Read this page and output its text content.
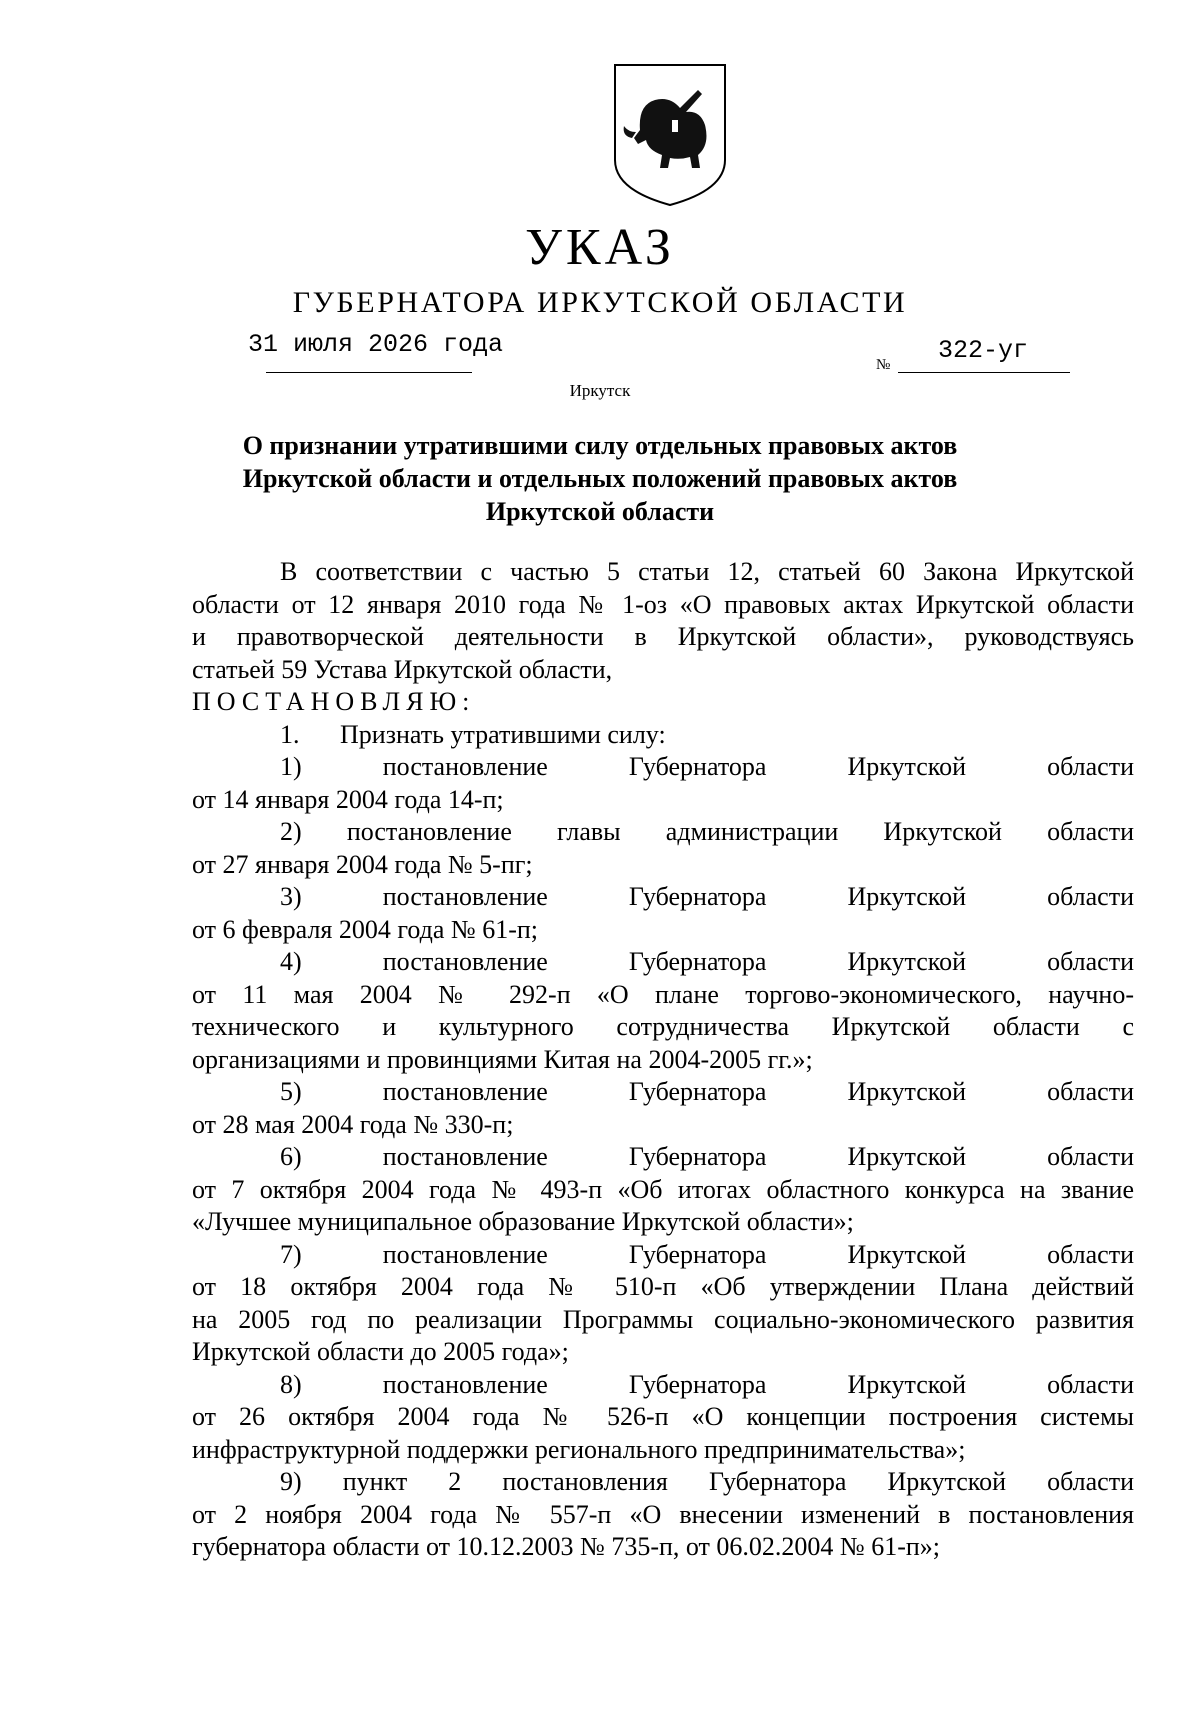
УКАЗ
ГУБЕРНАТОРА ИРКУТСКОЙ ОБЛАСТИ
31 июля 2026 года
№ 322-уг
Иркутск
О признании утратившими силу отдельных правовых актов
Иркутской области и отдельных положений правовых актов
Иркутской области

В соответствии с частью 5 статьи 12, статьей 60 Закона Иркутской

области от 12 января 2010 года № 1-оз «О правовых актах Иркутской области

и правотворческой деятельности в Иркутской области», руководствуясь

статьей 59 Устава Иркутской области,

ПОСТАНОВЛЯЮ:

1. Признать утратившими силу:

1) постановление Губернатора Иркутской области

от 14 января 2004 года 14-п;

2) постановление главы администрации Иркутской области

от 27 января 2004 года № 5-пг;

3) постановление Губернатора Иркутской области

от 6 февраля 2004 года № 61-п;

4) постановление Губернатора Иркутской области

от 11 мая 2004 № 292-п «О плане торгово-экономического, научно-

технического и культурного сотрудничества Иркутской области с

организациями и провинциями Китая на 2004-2005 гг.»;

5) постановление Губернатора Иркутской области

от 28 мая 2004 года № 330-п;

6) постановление Губернатора Иркутской области

от 7 октября 2004 года № 493-п «Об итогах областного конкурса на звание

«Лучшее муниципальное образование Иркутской области»;

7) постановление Губернатора Иркутской области

от 18 октября 2004 года № 510-п «Об утверждении Плана действий

на 2005 год по реализации Программы социально-экономического развития

Иркутской области до 2005 года»;

8) постановление Губернатора Иркутской области

от 26 октября 2004 года № 526-п «О концепции построения системы

инфраструктурной поддержки регионального предпринимательства»;

9) пункт 2 постановления Губернатора Иркутской области

от 2 ноября 2004 года № 557-п «О внесении изменений в постановления

губернатора области от 10.12.2003 № 735-п, от 06.02.2004 № 61-п»;
